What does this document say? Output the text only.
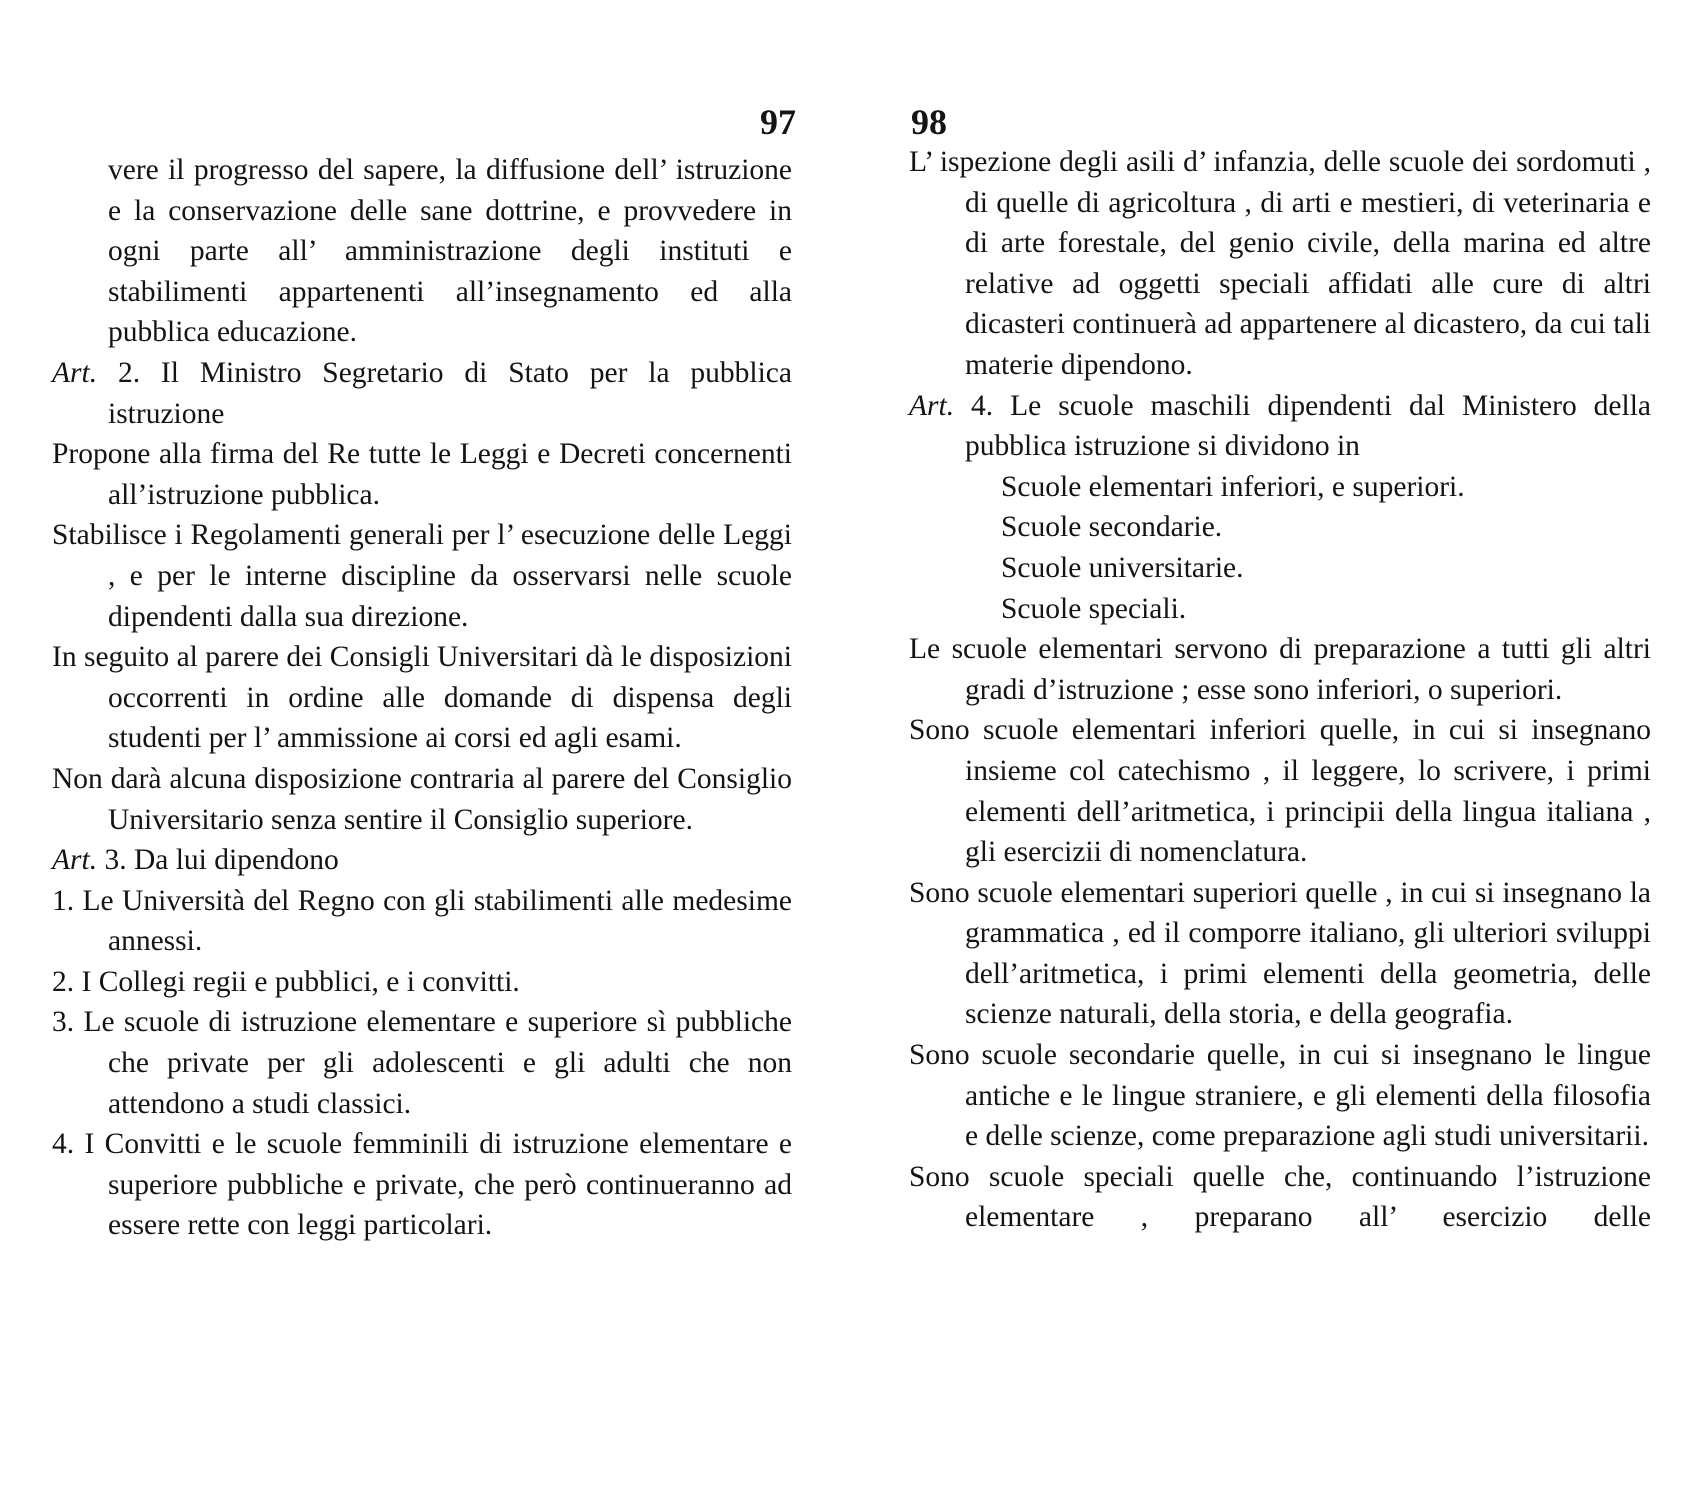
97

vere il progresso del sapere, la diffusione dell’ istruzione e la conservazione delle sane dottrine, e provvedere in ogni parte all’ amministrazione degli instituti e stabilimenti appartenenti all’insegnamento ed alla pubblica educazione.

Art. 2. Il Ministro Segretario di Stato per la pubblica istruzione

Propone alla firma del Re tutte le Leggi e Decreti concernenti all’istruzione pubblica.

Stabilisce i Regolamenti generali per l’ esecuzione delle Leggi , e per le interne discipline da osservarsi nelle scuole dipendenti dalla sua direzione.

In seguito al parere dei Consigli Universitari dà le disposizioni occorrenti in ordine alle domande di dispensa degli studenti per l’ ammissione ai corsi ed agli esami.

Non darà alcuna disposizione contraria al parere del Consiglio Universitario senza sentire il Consiglio superiore.

Art. 3. Da lui dipendono

1. Le Università del Regno con gli stabilimenti alle medesime annessi.

2. I Collegi regii e pubblici, e i convitti.

3. Le scuole di istruzione elementare e superiore sì pubbliche che private per gli adolescenti e gli adulti che non attendono a studi classici.

4. I Convitti e le scuole femminili di istruzione elementare e superiore pubbliche e private, che però continueranno ad essere rette con leggi particolari.

98

L’ ispezione degli asili d’ infanzia, delle scuole dei sordomuti , di quelle di agricoltura , di arti e mestieri, di veterinaria e di arte forestale, del genio civile, della marina ed altre relative ad oggetti speciali affidati alle cure di altri dicasteri continuerà ad appartenere al dicastero, da cui tali materie dipendono.

Art. 4. Le scuole maschili dipendenti dal Ministero della pubblica istruzione si dividono in

Scuole elementari inferiori, e superiori.

Scuole secondarie.

Scuole universitarie.

Scuole speciali.

Le scuole elementari servono di preparazione a tutti gli altri gradi d’istruzione ; esse sono inferiori, o superiori.

Sono scuole elementari inferiori quelle, in cui si insegnano insieme col catechismo , il leggere, lo scrivere, i primi elementi dell’aritmetica, i principii della lingua italiana , gli esercizii di nomenclatura.

Sono scuole elementari superiori quelle , in cui si insegnano la grammatica , ed il comporre italiano, gli ulteriori sviluppi dell’aritmetica, i primi elementi della geometria, delle scienze naturali, della storia, e della geografia.

Sono scuole secondarie quelle, in cui si insegnano le lingue antiche e le lingue straniere, e gli elementi della filosofia e delle scienze, come preparazione agli studi universitarii.

Sono scuole speciali quelle che, continuando l’istruzione elementare , preparano all’ esercizio delle
